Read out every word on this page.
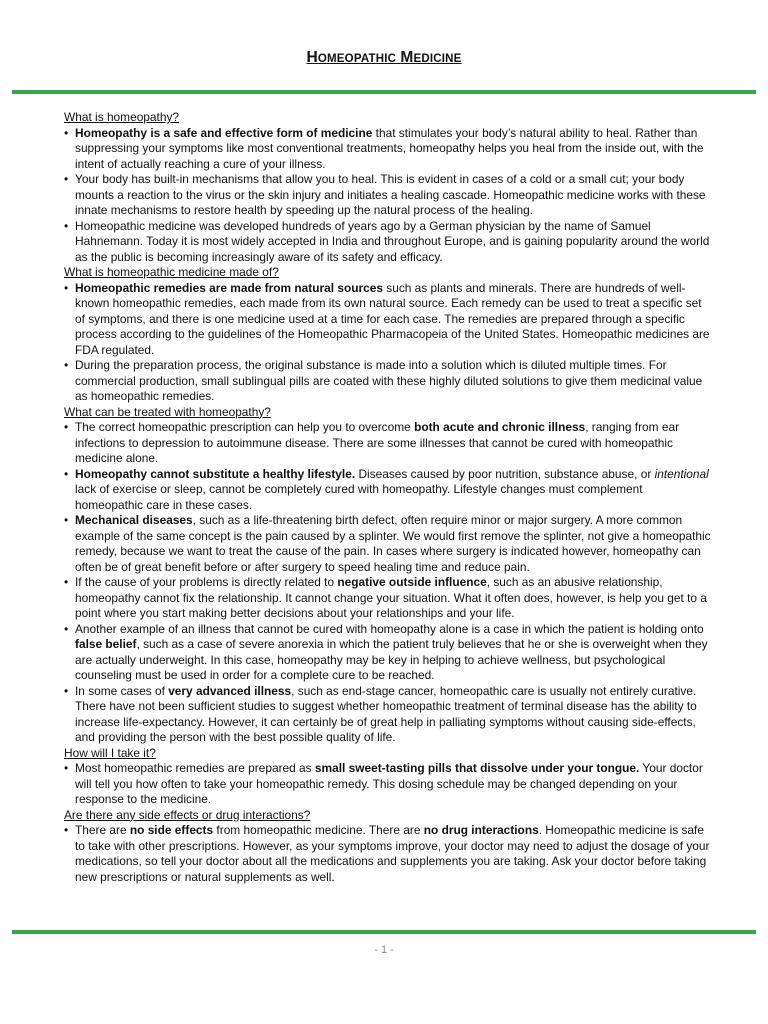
HOMEOPATHIC MEDICINE
What is homeopathy?
• Homeopathy is a safe and effective form of medicine that stimulates your body’s natural ability to heal. Rather than suppressing your symptoms like most conventional treatments, homeopathy helps you heal from the inside out, with the intent of actually reaching a cure of your illness.
• Your body has built-in mechanisms that allow you to heal. This is evident in cases of a cold or a small cut; your body mounts a reaction to the virus or the skin injury and initiates a healing cascade. Homeopathic medicine works with these innate mechanisms to restore health by speeding up the natural process of the healing.
• Homeopathic medicine was developed hundreds of years ago by a German physician by the name of Samuel Hahnemann. Today it is most widely accepted in India and throughout Europe, and is gaining popularity around the world as the public is becoming increasingly aware of its safety and efficacy.
What is homeopathic medicine made of?
• Homeopathic remedies are made from natural sources such as plants and minerals. There are hundreds of well-known homeopathic remedies, each made from its own natural source. Each remedy can be used to treat a specific set of symptoms, and there is one medicine used at a time for each case. The remedies are prepared through a specific process according to the guidelines of the Homeopathic Pharmacopeia of the United States. Homeopathic medicines are FDA regulated.
• During the preparation process, the original substance is made into a solution which is diluted multiple times. For commercial production, small sublingual pills are coated with these highly diluted solutions to give them medicinal value as homeopathic remedies.
What can be treated with homeopathy?
• The correct homeopathic prescription can help you to overcome both acute and chronic illness, ranging from ear infections to depression to autoimmune disease. There are some illnesses that cannot be cured with homeopathic medicine alone.
• Homeopathy cannot substitute a healthy lifestyle. Diseases caused by poor nutrition, substance abuse, or intentional lack of exercise or sleep, cannot be completely cured with homeopathy. Lifestyle changes must complement homeopathic care in these cases.
• Mechanical diseases, such as a life-threatening birth defect, often require minor or major surgery. A more common example of the same concept is the pain caused by a splinter. We would first remove the splinter, not give a homeopathic remedy, because we want to treat the cause of the pain. In cases where surgery is indicated however, homeopathy can often be of great benefit before or after surgery to speed healing time and reduce pain.
• If the cause of your problems is directly related to negative outside influence, such as an abusive relationship, homeopathy cannot fix the relationship. It cannot change your situation. What it often does, however, is help you get to a point where you start making better decisions about your relationships and your life.
• Another example of an illness that cannot be cured with homeopathy alone is a case in which the patient is holding onto false belief, such as a case of severe anorexia in which the patient truly believes that he or she is overweight when they are actually underweight. In this case, homeopathy may be key in helping to achieve wellness, but psychological counseling must be used in order for a complete cure to be reached.
• In some cases of very advanced illness, such as end-stage cancer, homeopathic care is usually not entirely curative. There have not been sufficient studies to suggest whether homeopathic treatment of terminal disease has the ability to increase life-expectancy. However, it can certainly be of great help in palliating symptoms without causing side-effects, and providing the person with the best possible quality of life.
How will I take it?
• Most homeopathic remedies are prepared as small sweet-tasting pills that dissolve under your tongue. Your doctor will tell you how often to take your homeopathic remedy. This dosing schedule may be changed depending on your response to the medicine.
Are there any side effects or drug interactions?
• There are no side effects from homeopathic medicine. There are no drug interactions. Homeopathic medicine is safe to take with other prescriptions. However, as your symptoms improve, your doctor may need to adjust the dosage of your medications, so tell your doctor about all the medications and supplements you are taking. Ask your doctor before taking new prescriptions or natural supplements as well.
- 1 -
